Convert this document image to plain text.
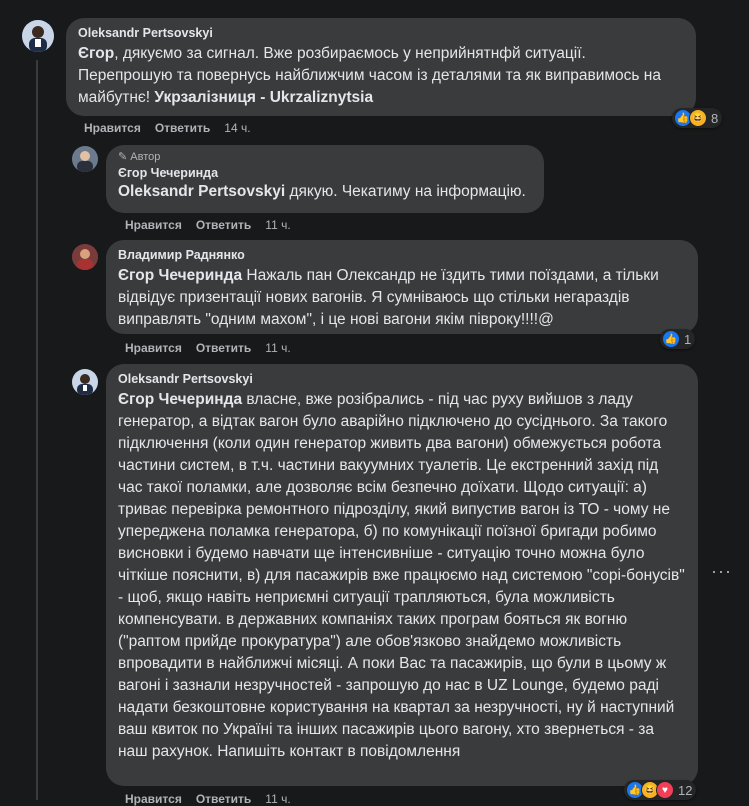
Oleksandr Pertsovskyi
Єгор, дякуємо за сигнал. Вже розбираємось у неприйнятнфй ситуації. Перепрошую та повернусь найближчим часом із деталями та як виправимось на майбутнє! Укрзалізниця - Ukrzaliznytsia
👍 😆 8
Нравится Ответить 14 ч.
✎ Автор
Єгор Чечеринда
Oleksandr Pertsovskyi дякую. Чекатиму на інформацію.
Нравится Ответить 11 ч.
Владимир Раднянко
Єгор Чечеринда Нажаль пан Олександр не їздить тими поїздами, а тільки відвідує призентації нових вагонів. Я сумніваюсь що стільки негараздів виправлять "одним махом", і це нові вагони якім півроку!!!!@
👍 1
Нравится Ответить 11 ч.
Oleksandr Pertsovskyi
Єгор Чечеринда власне, вже розібрались - під час руху вийшов з ладу генератор, а відтак вагон було аварійно підключено до сусіднього. За такого підключення (коли один генератор живить два вагони) обмежується робота частини систем, в т.ч. частини вакуумних туалетів. Це екстренний захід під час такої поламки, але дозволяє всім безпечно доїхати. Щодо ситуації: а) триває перевірка ремонтного підрозділу, який випустив вагон із ТО - чому не упереджена поламка генератора, б) по комунікації поїзної бригади робимо висновки і будемо навчати ще інтенсивніше - ситуацію точно можна було чіткіше пояснити, в) для пасажирів вже працюємо над системою "сорі-бонусів" - щоб, якщо навіть неприємні ситуації трапляються, була можливість компенсувати. в державних компаніях таких програм бояться як вогню ("раптом прийде прокуратура") але обов'язково знайдемо можливість впровадити в найближчі місяці. А поки Вас та пасажирів, що були в цьому ж вагоні і зазнали незручностей - запрошую до нас в UZ Lounge, будемо раді надати безкоштовне користування на квартал за незручності, ну й наступний ваш квиток по Україні та інших пасажирів цього вагону, хто звернеться - за наш рахунок. Напишіть контакт в повідомлення
···
👍 😆 ♥ 12
Нравится Ответить 11 ч.
